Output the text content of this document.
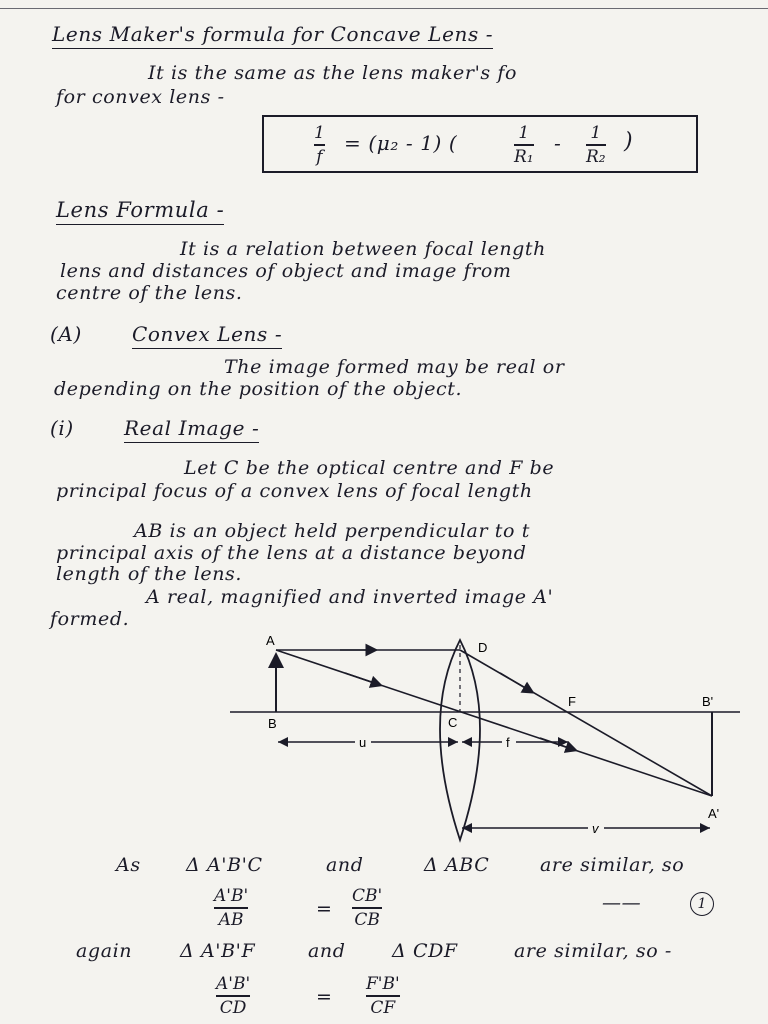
Lens Maker's formula for Concave Lens -
It is the same as the lens maker's fo
for convex lens -
1
f
= (μ₂ - 1) (	1
R₁
- 1
R₂
)
Lens Formula -
It is a relation between focal length
lens and distances of object and image from
centre of the lens.
(A)	Convex Lens -
The image formed may be real or
depending on the position of the object.
(i)	Real Image -
Let C be the optical centre and F be
principal focus of a convex lens of focal length
AB is an object held perpendicular to t
principal axis of the lens at a distance beyond
length of the lens.
A real, magnified and inverted image A'
formed.
A
B	C
D
F	B'
A'
u	f
v
As Δ A'B'C	and	Δ ABC	are similar, so
A'B'
AB	=
CB'
CB
——	1
again	Δ A'B'F	and Δ CDF	are similar, so -
A'B'
CD	=
F'B'
CF
